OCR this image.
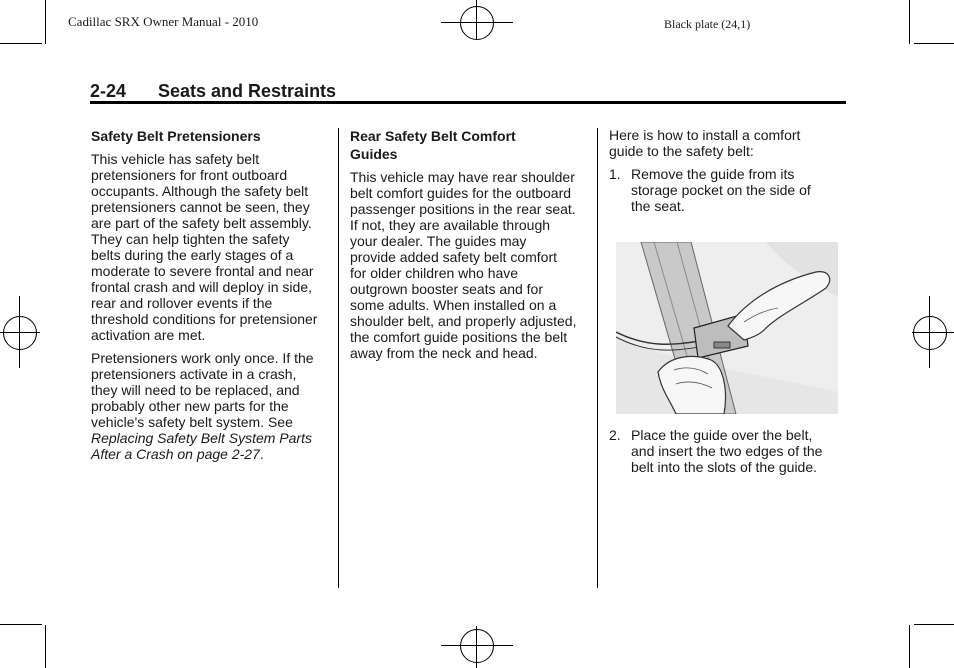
Cadillac SRX Owner Manual - 2010	Black plate (24,1)
2-24 Seats and Restraints
Safety Belt Pretensioners

This vehicle has safety belt
pretensioners for front outboard
occupants. Although the safety belt
pretensioners cannot be seen, they
are part of the safety belt assembly.
They can help tighten the safety
belts during the early stages of a
moderate to severe frontal and near
frontal crash and will deploy in side,
rear and rollover events if the
threshold conditions for pretensioner
activation are met.

Pretensioners work only once. If the
pretensioners activate in a crash,
they will need to be replaced, and
probably other new parts for the
vehicle's safety belt system. See
Replacing Safety Belt System Parts
After a Crash on page 2-27.

Rear Safety Belt Comfort
Guides

This vehicle may have rear shoulder
belt comfort guides for the outboard
passenger positions in the rear seat.
If not, they are available through
your dealer. The guides may
provide added safety belt comfort
for older children who have
outgrown booster seats and for
some adults. When installed on a
shoulder belt, and properly adjusted,
the comfort guide positions the belt
away from the neck and head.

Here is how to install a comfort
guide to the safety belt:

1. Remove the guide from its
storage pocket on the side of
the seat.
2. Place the guide over the belt,
and insert the two edges of the
belt into the slots of the guide.
